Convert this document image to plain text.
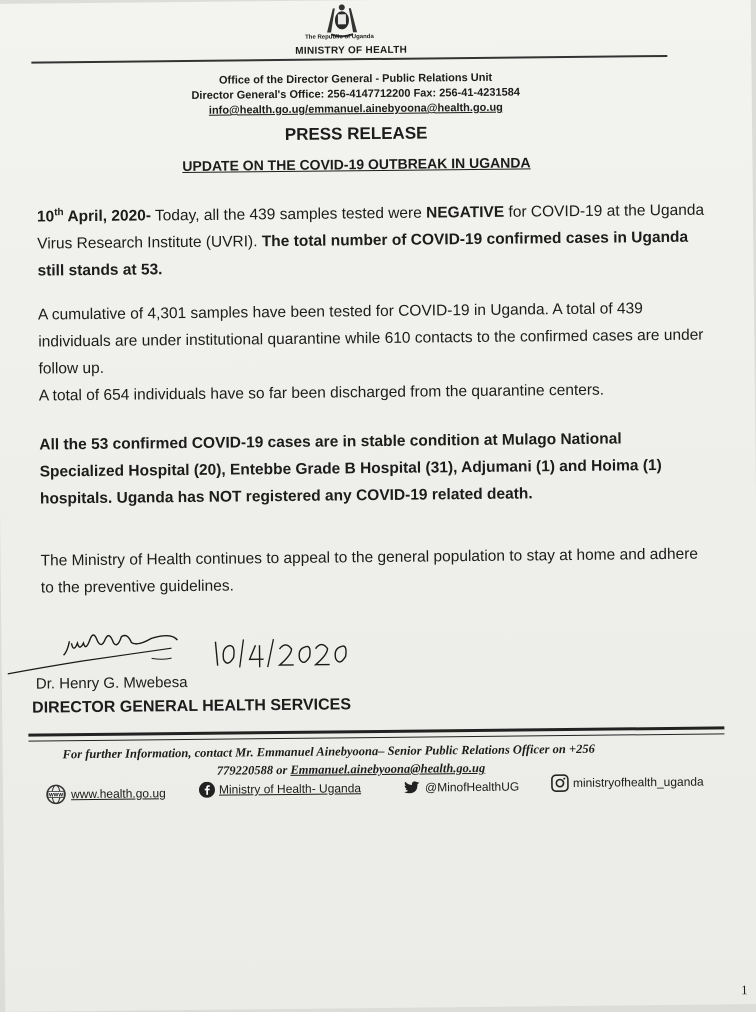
The Republic of Uganda
MINISTRY OF HEALTH
Office of the Director General - Public Relations Unit
Director General's Office: 256-4147712200 Fax: 256-41-4231584
info@health.go.ug/emmanuel.ainebyoona@health.go.ug
PRESS RELEASE
UPDATE ON THE COVID-19 OUTBREAK IN UGANDA
10th April, 2020- Today, all the 439 samples tested were NEGATIVE for COVID-19 at the Uganda Virus Research Institute (UVRI). The total number of COVID-19 confirmed cases in Uganda still stands at 53.
A cumulative of 4,301 samples have been tested for COVID-19 in Uganda. A total of 439 individuals are under institutional quarantine while 610 contacts to the confirmed cases are under follow up.
A total of 654 individuals have so far been discharged from the quarantine centers.
All the 53 confirmed COVID-19 cases are in stable condition at Mulago National Specialized Hospital (20), Entebbe Grade B Hospital (31), Adjumani (1) and Hoima (1) hospitals. Uganda has NOT registered any COVID-19 related death.
The Ministry of Health continues to appeal to the general population to stay at home and adhere to the preventive guidelines.
Dr. Henry G. Mwebesa
DIRECTOR GENERAL HEALTH SERVICES
For further Information, contact Mr. Emmanuel Ainebyoona– Senior Public Relations Officer on +256
779220588 or Emmanuel.ainebyoona@health.go.ug
WWW www.health.go.ug	Ministry of Health- Uganda	@MinofHealthUG	ministryofhealth_uganda
1
